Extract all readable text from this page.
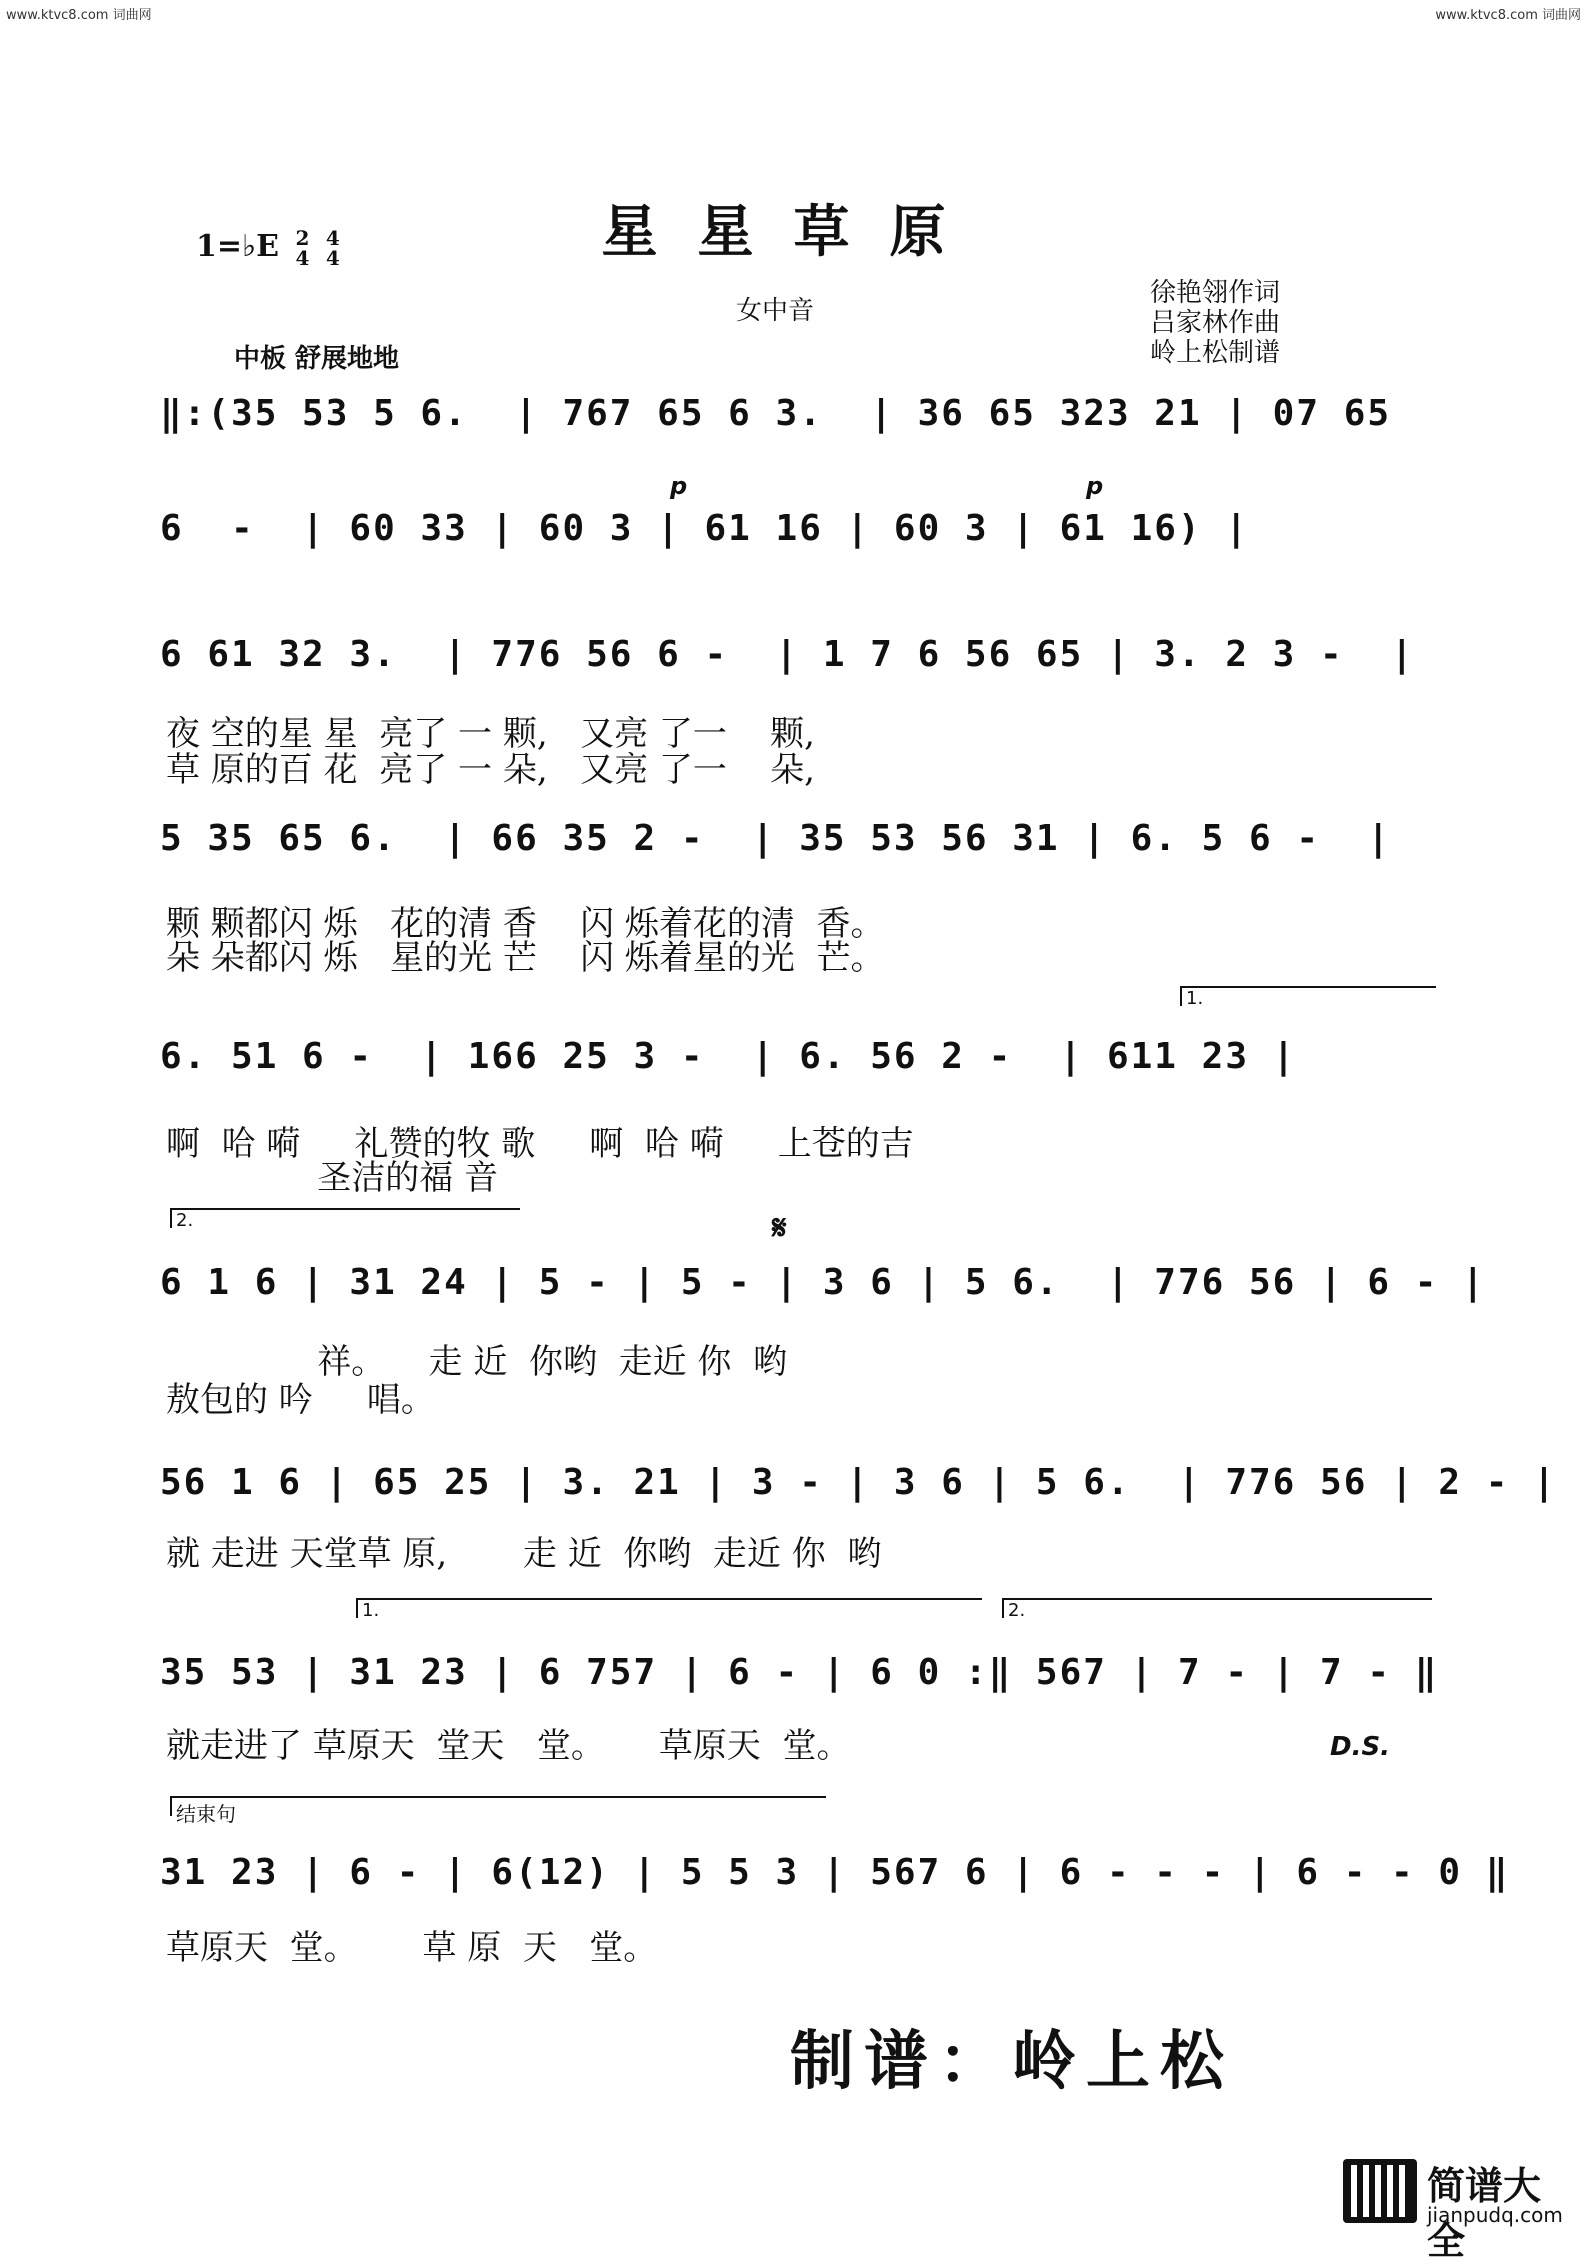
www.ktvc8.com 词曲网	www.ktvc8.com 词曲网
星星草原
1=♭E 2
4

4
4
女中音
徐艳翎作词
吕家林作曲
岭上松制谱
中板 舒展地地
‖:(35 53 5 6.  | 767 65 6 3.  | 36 65 323 21 | 07 65
6  -  | 60 33 | 60 3 | 61 16 | 60 3 | 61 16) |
p	p
6 61 32 3.  | 776 56 6 -  | 1 7 6 56 65 | 3. 2 3 -  |
夜 空的星 星  亮了 一 颗,   又亮 了一    颗,
草 原的百 花  亮了 一 朵,   又亮 了一    朵,
5 35 65 6.  | 66 35 2 -  | 35 53 56 31 | 6. 5 6 -  |
颗 颗都闪 烁   花的清 香    闪 烁着花的清  香。
朵 朵都闪 烁   星的光 芒    闪 烁着星的光  芒。
1.
6. 51 6 -  | 166 25 3 -  | 6. 56 2 -  | 611 23 |
啊  哈 嗬     礼赞的牧 歌     啊  哈 嗬     上苍的吉
圣洁的福 音
2.	𝄋
6 1 6 | 31 24 | 5 - | 5 - | 3 6 | 5 6.  | 776 56 | 6 - |
祥。    走 近  你哟  走近 你  哟
敖包的 吟     唱。
56 1 6 | 65 25 | 3. 21 | 3 - | 3 6 | 5 6.  | 776 56 | 2 - |
就 走进 天堂草 原,       走 近  你哟  走近 你  哟
1.	2.
35 53 | 31 23 | 6 757 | 6 - | 6 0 :‖ 567 | 7 - | 7 - ‖
就走进了 草原天  堂天   堂。     草原天  堂。	D.S.
结束句
31 23 | 6 - | 6(12) | 5 5 3 | 567 6 | 6 - - - | 6 - - 0 ‖
草原天  堂。      草 原  天   堂。
制谱：岭上松
简谱大全
jianpudq.com
